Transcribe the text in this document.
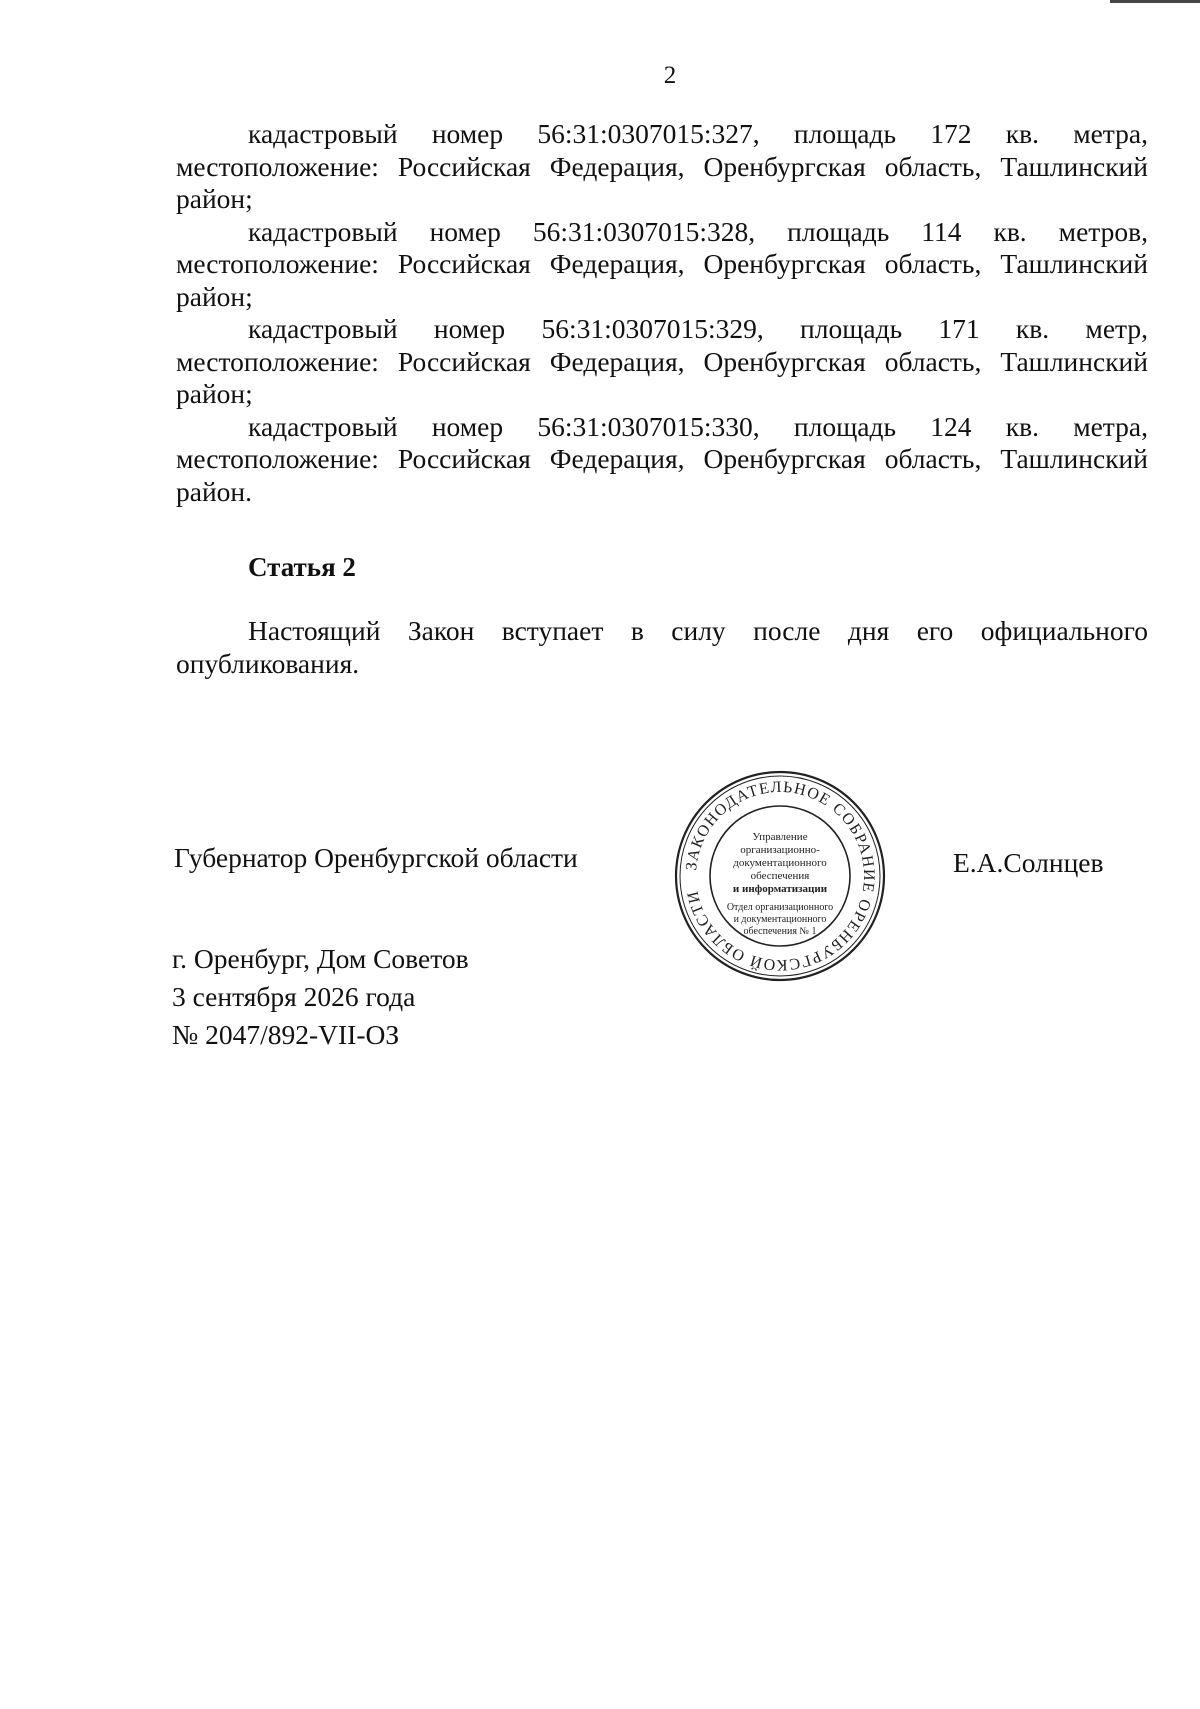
2

кадастровый номер 56:31:0307015:327, площадь 172 кв. метра, местоположение: Российская Федерация, Оренбургская область, Ташлинский район;

кадастровый номер 56:31:0307015:328, площадь 114 кв. метров, местоположение: Российская Федерация, Оренбургская область, Ташлинский район;

кадастровый номер 56:31:0307015:329, площадь 171 кв. метр, местоположение: Российская Федерация, Оренбургская область, Ташлинский район;

кадастровый номер 56:31:0307015:330, площадь 124 кв. метра, местоположение: Российская Федерация, Оренбургская область, Ташлинский район.

Статья 2

Настоящий Закон вступает в силу после дня его официального опубликования.

Губернатор Оренбургской области	ЗАКОНОДАТЕЛЬНОЕ СОБРАНИЕ ОРЕНБУРГСКОЙ ОБЛАСТИ
Управление
организационно-
документационного
обеспечения
и информатизации
Отдел организационного
и документационного
обеспечения № 1
Е.А.Солнцев
г. Оренбург, Дом Советов
3 сентября 2026 года
№ 2047/892-VII-ОЗ
